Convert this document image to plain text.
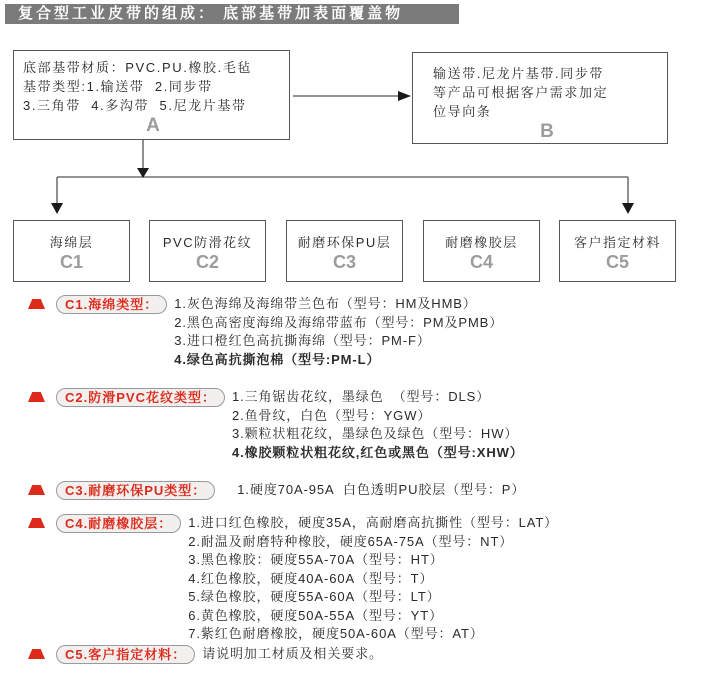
复合型工业皮带的组成： 底部基带加表面覆盖物
底部基带材质：PVC.PU.橡胶.毛毡
基带类型:1.输送带  2.同步带
3.三角带  4.多沟带  5.尼龙片基带
A
输送带.尼龙片基带.同步带
等产品可根据客户需求加定
位导向条
B
海绵层
C1
PVC防滑花纹
C2
耐磨环保PU层
C3
耐磨橡胶层
C4
客户指定材料
C5
C1.海绵类型：	1.灰色海绵及海绵带兰色布（型号：HM及HMB）
2.黑色高密度海绵及海绵带蓝布（型号：PM及PMB）
3.进口橙红色高抗撕海绵（型号：PM-F）
4.绿色高抗撕泡棉（型号:PM-L）
C2.防滑PVC花纹类型：	1.三角锯齿花纹，墨绿色  （型号：DLS）
2.鱼骨纹，白色（型号：YGW）
3.颗粒状粗花纹，墨绿色及绿色（型号：HW）
4.橡胶颗粒状粗花纹,红色或黑色（型号:XHW）
C3.耐磨环保PU类型：	1.硬度70A-95A  白色透明PU胶层（型号：P）
C4.耐磨橡胶层：	1.进口红色橡胶，硬度35A，高耐磨高抗撕性（型号：LAT）
2.耐温及耐磨特种橡胶，硬度65A-75A（型号：NT）
3.黑色橡胶：硬度55A-70A（型号：HT）
4.红色橡胶，硬度40A-60A（型号：T）
5.绿色橡胶，硬度55A-60A（型号：LT）
6.黄色橡胶，硬度50A-55A（型号：YT）
7.紫红色耐磨橡胶，硬度50A-60A（型号：AT）
C5.客户指定材料：	请说明加工材质及相关要求。
